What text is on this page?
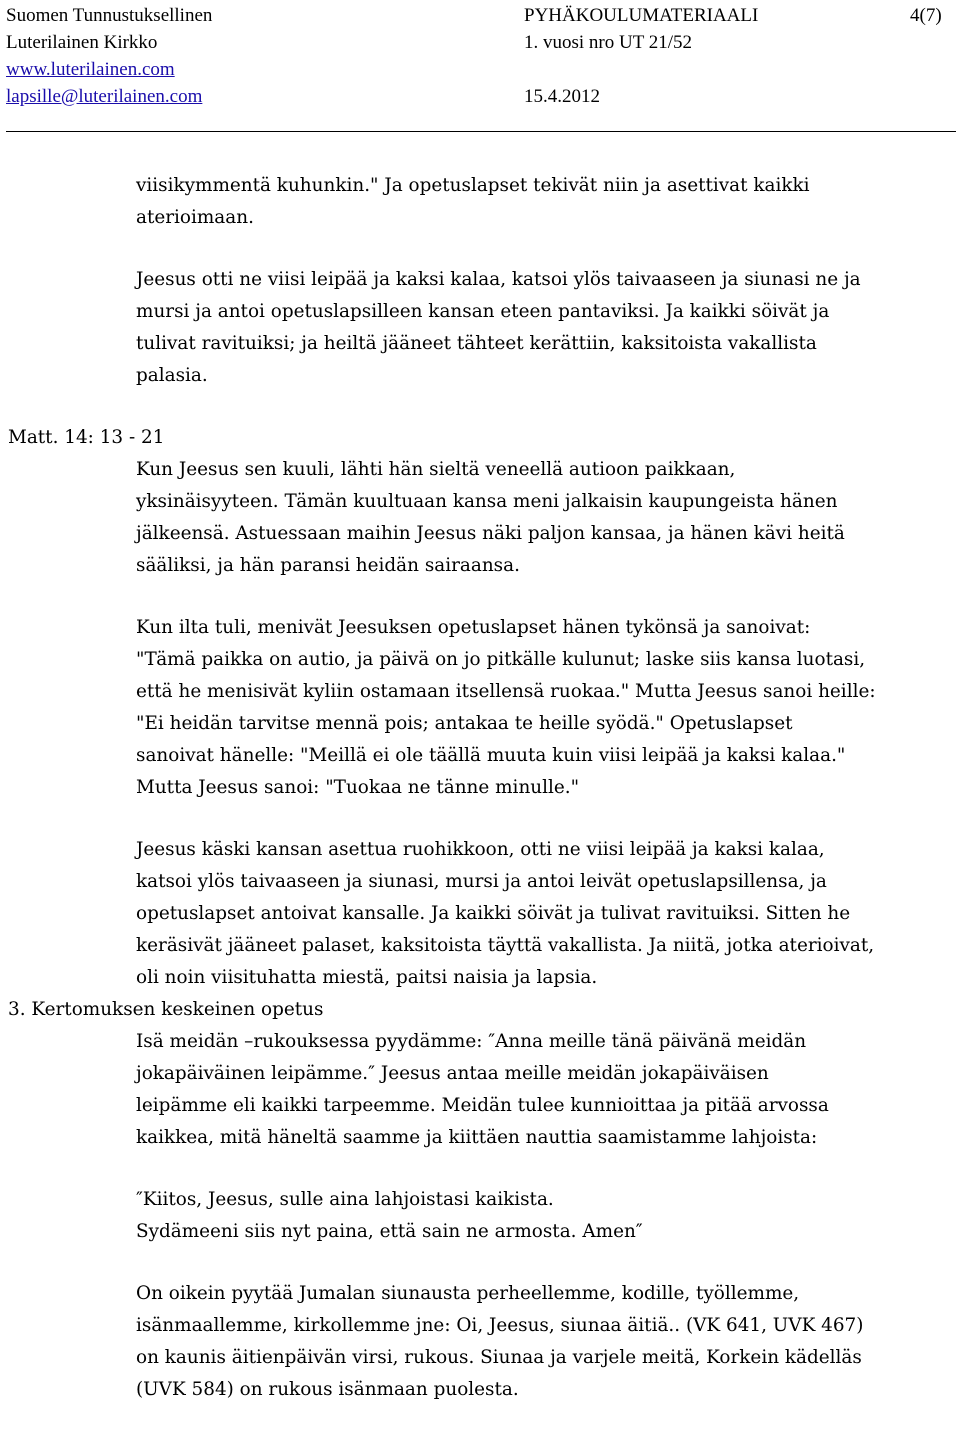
Suomen Tunnustuksellinen	PYHÄKOULUMATERIAALI	4(7)
Luterilainen Kirkko	1. vuosi nro UT 21/52
www.luterilainen.com
lapsille@luterilainen.com	15.4.2012
viisikymmentä kuhunkin." Ja opetuslapset tekivät niin ja asettivat kaikki
aterioimaan.
Jeesus otti ne viisi leipää ja kaksi kalaa, katsoi ylös taivaaseen ja siunasi ne ja
mursi ja antoi opetuslapsilleen kansan eteen pantaviksi. Ja kaikki söivät ja
tulivat ravituiksi; ja heiltä jääneet tähteet kerättiin, kaksitoista vakallista
palasia.
Matt. 14: 13 - 21
Kun Jeesus sen kuuli, lähti hän sieltä veneellä autioon paikkaan,
yksinäisyyteen. Tämän kuultuaan kansa meni jalkaisin kaupungeista hänen
jälkeensä. Astuessaan maihin Jeesus näki paljon kansaa, ja hänen kävi heitä
sääliksi, ja hän paransi heidän sairaansa.
Kun ilta tuli, menivät Jeesuksen opetuslapset hänen tykönsä ja sanoivat:
"Tämä paikka on autio, ja päivä on jo pitkälle kulunut; laske siis kansa luotasi,
että he menisivät kyliin ostamaan itsellensä ruokaa." Mutta Jeesus sanoi heille:
"Ei heidän tarvitse mennä pois; antakaa te heille syödä." Opetuslapset
sanoivat hänelle: "Meillä ei ole täällä muuta kuin viisi leipää ja kaksi kalaa."
Mutta Jeesus sanoi: "Tuokaa ne tänne minulle."
Jeesus käski kansan asettua ruohikkoon, otti ne viisi leipää ja kaksi kalaa,
katsoi ylös taivaaseen ja siunasi, mursi ja antoi leivät opetuslapsillensa, ja
opetuslapset antoivat kansalle. Ja kaikki söivät ja tulivat ravituiksi. Sitten he
keräsivät jääneet palaset, kaksitoista täyttä vakallista. Ja niitä, jotka aterioivat,
oli noin viisituhatta miestä, paitsi naisia ja lapsia.
3. Kertomuksen keskeinen opetus
Isä meidän –rukouksessa pyydämme: ″Anna meille tänä päivänä meidän
jokapäiväinen leipämme.″ Jeesus antaa meille meidän jokapäiväisen
leipämme eli kaikki tarpeemme. Meidän tulee kunnioittaa ja pitää arvossa
kaikkea, mitä häneltä saamme ja kiittäen nauttia saamistamme lahjoista:
″Kiitos, Jeesus, sulle aina lahjoistasi kaikista.
Sydämeeni siis nyt paina, että sain ne armosta. Amen″
On oikein pyytää Jumalan siunausta perheellemme, kodille, työllemme,
isänmaallemme, kirkollemme jne: Oi, Jeesus, siunaa äitiä.. (VK 641, UVK 467)
on kaunis äitienpäivän virsi, rukous. Siunaa ja varjele meitä, Korkein kädelläs
(UVK 584) on rukous isänmaan puolesta.
